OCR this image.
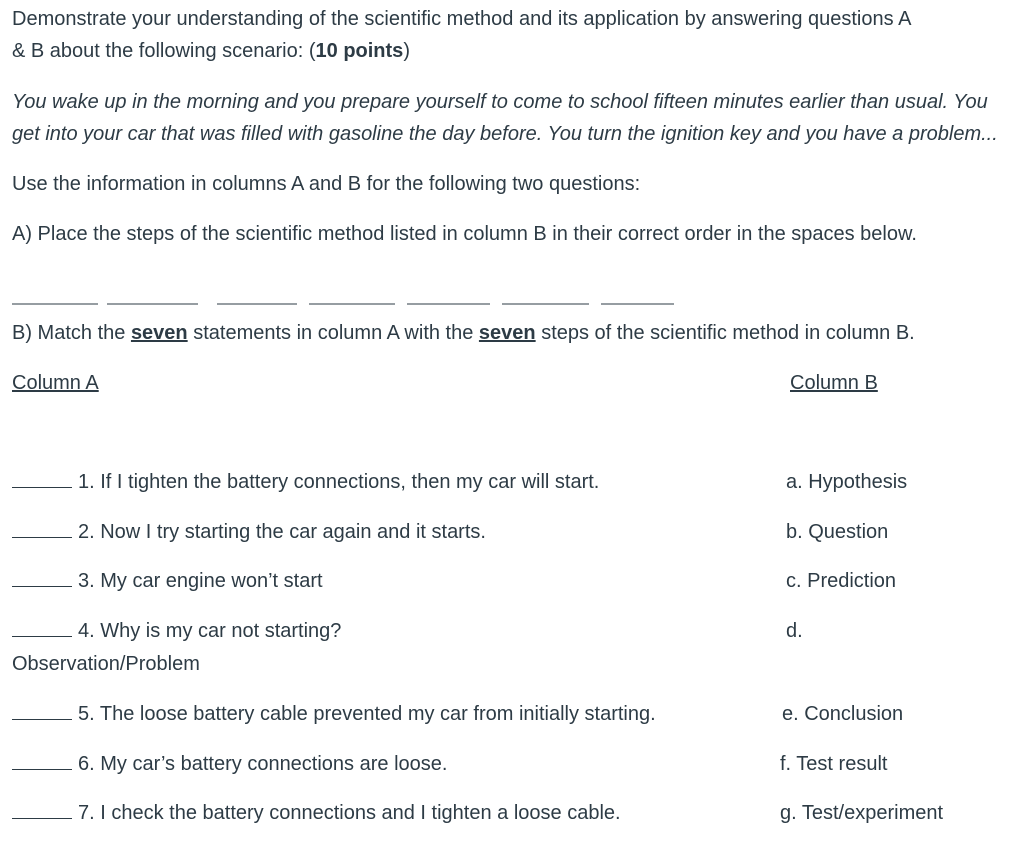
Demonstrate your understanding of the scientific method and its application by answering questions A
& B about the following scenario: (10 points)
You wake up in the morning and you prepare yourself to come to school fifteen minutes earlier than usual. You
get into your car that was filled with gasoline the day before. You turn the ignition key and you have a problem...
Use the information in columns A and B for the following two questions:
A) Place the steps of the scientific method listed in column B in their correct order in the spaces below.
B) Match the seven statements in column A with the seven steps of the scientific method in column B.
Column A	Column B
1. If I tighten the battery connections, then my car will start.
2. Now I try starting the car again and it starts.
3. My car engine won’t start
4. Why is my car not starting?
Observation/Problem
5. The loose battery cable prevented my car from initially starting.
6. My car’s battery connections are loose.
7. I check the battery connections and I tighten a loose cable.
a. Hypothesis
b. Question
c. Prediction
d.
e. Conclusion
f. Test result
g. Test/experiment
